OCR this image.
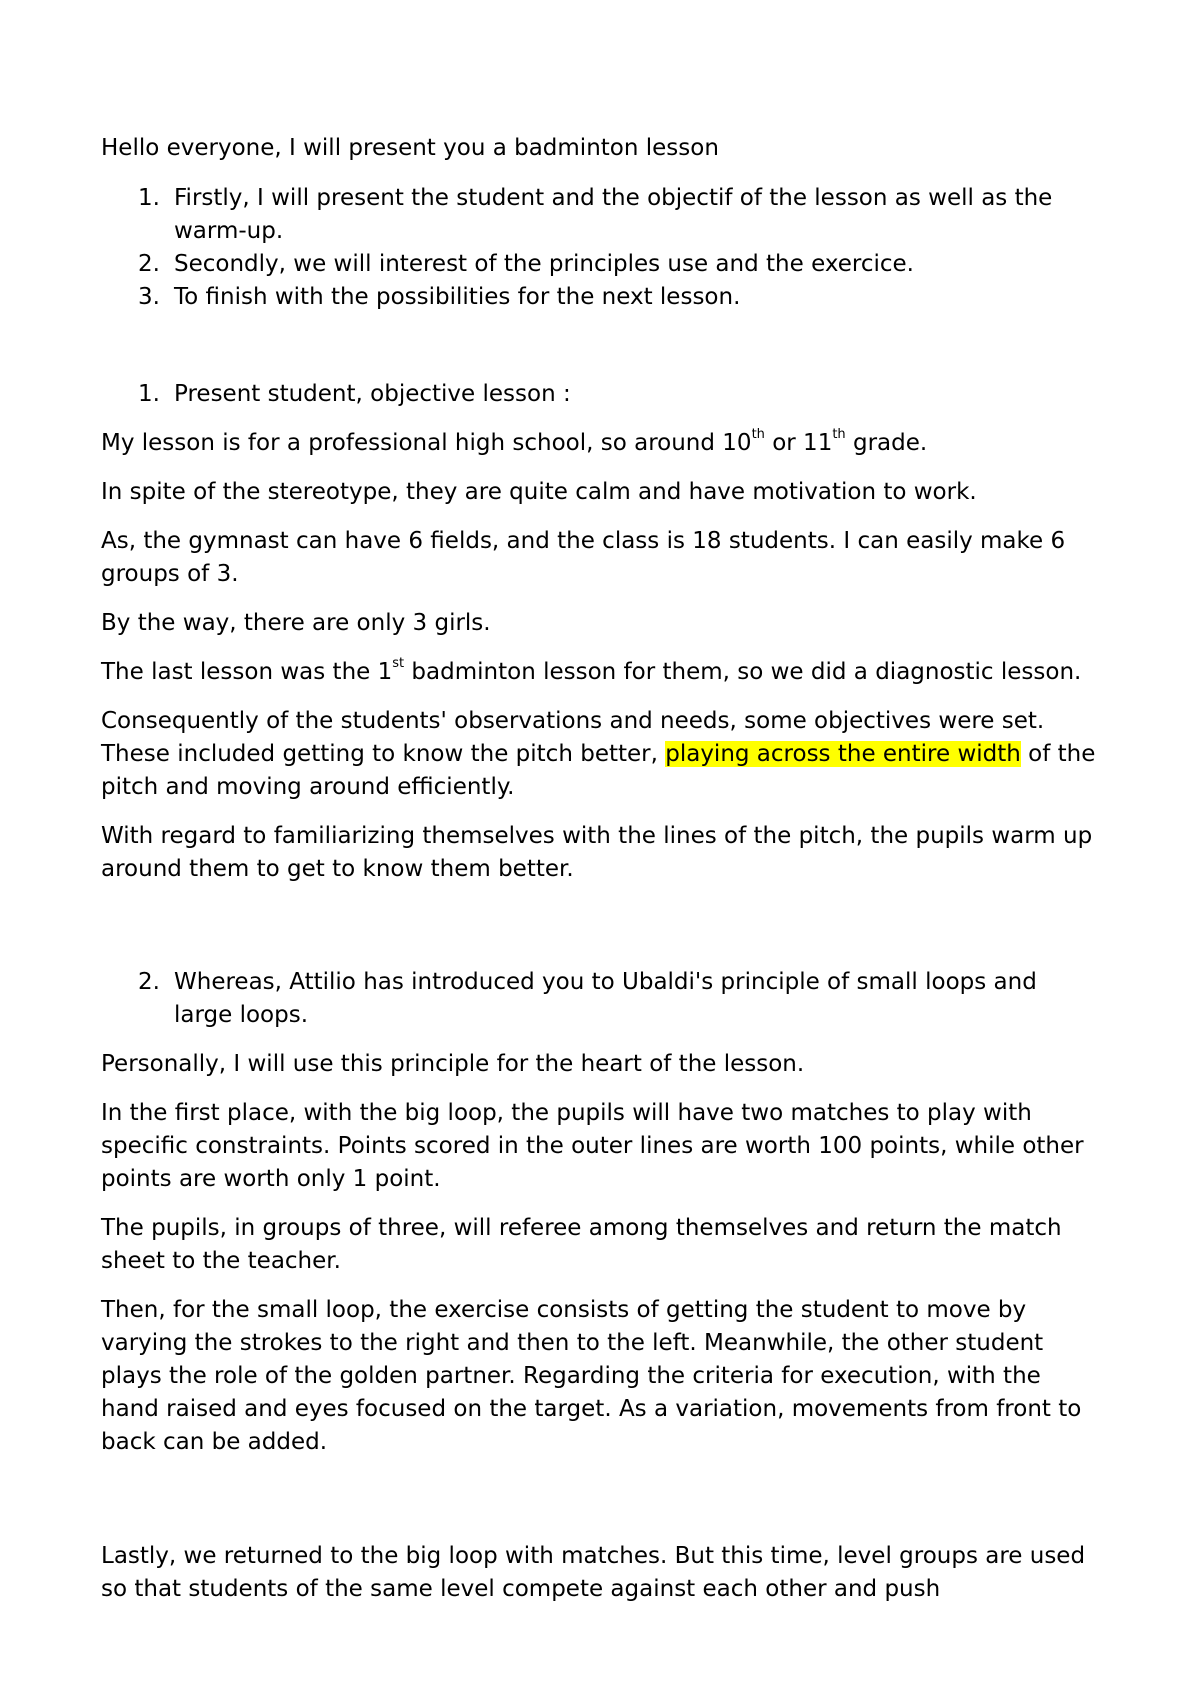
Hello everyone, I will present you a badminton lesson

1. Firstly, I will present the student and the objectif of the lesson as well as the warm-up.
2. Secondly, we will interest of the principles use and the exercice.
3. To finish with the possibilities for the next lesson.
1. Present student, objective lesson :

My lesson is for a professional high school, so around 10th or 11th grade.

In spite of the stereotype, they are quite calm and have motivation to work.

As, the gymnast can have 6 fields, and the class is 18 students. I can easily make 6 groups of 3.

By the way, there are only 3 girls.

The last lesson was the 1st badminton lesson for them, so we did a diagnostic lesson.

Consequently of the students' observations and needs, some objectives were set. These included getting to know the pitch better, playing across the entire width of the pitch and moving around efficiently.

With regard to familiarizing themselves with the lines of the pitch, the pupils warm up around them to get to know them better.

2. Whereas, Attilio has introduced you to Ubaldi's principle of small loops and large loops.

Personally, I will use this principle for the heart of the lesson.

In the first place, with the big loop, the pupils will have two matches to play with specific constraints. Points scored in the outer lines are worth 100 points, while other points are worth only 1 point.

The pupils, in groups of three, will referee among themselves and return the match sheet to the teacher.

Then, for the small loop, the exercise consists of getting the student to move by varying the strokes to the right and then to the left. Meanwhile, the other student plays the role of the golden partner. Regarding the criteria for execution, with the hand raised and eyes focused on the target. As a variation, movements from front to back can be added.

Lastly, we returned to the big loop with matches. But this time, level groups are used so that students of the same level compete against each other and push
